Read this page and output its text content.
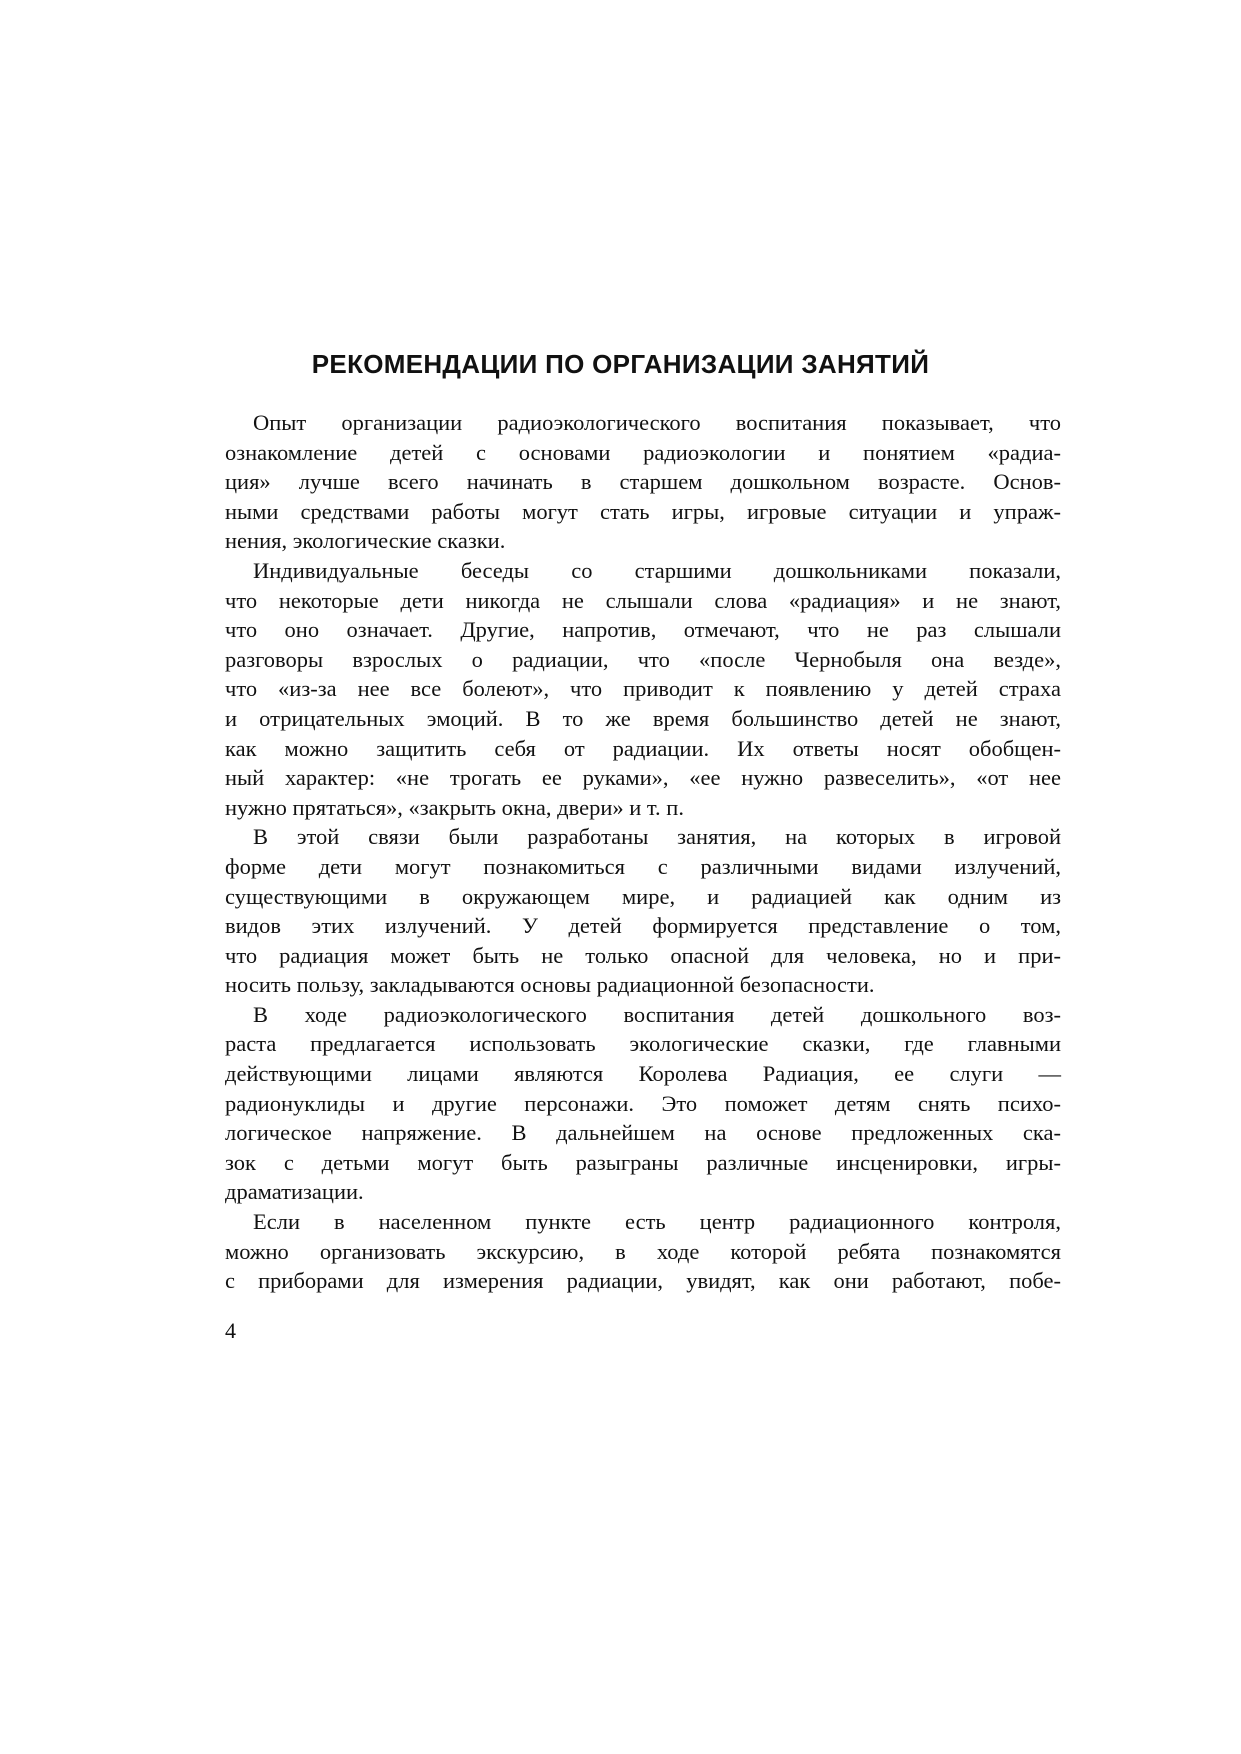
РЕКОМЕНДАЦИИ ПО ОРГАНИЗАЦИИ ЗАНЯТИЙ
Опыт организации радиоэкологического воспитания показывает, что
ознакомление детей с основами радиоэкологии и понятием «радиа-
ция» лучше всего начинать в старшем дошкольном возрасте. Основ-
ными средствами работы могут стать игры, игровые ситуации и упраж-
нения, экологические сказки.
Индивидуальные беседы со старшими дошкольниками показали,
что некоторые дети никогда не слышали слова «радиация» и не знают,
что оно означает. Другие, напротив, отмечают, что не раз слышали
разговоры взрослых о радиации, что «после Чернобыля она везде»,
что «из-за нее все болеют», что приводит к появлению у детей страха
и отрицательных эмоций. В то же время большинство детей не знают,
как можно защитить себя от радиации. Их ответы носят обобщен-
ный характер: «не трогать ее руками», «ее нужно развеселить», «от нее
нужно прятаться», «закрыть окна, двери» и т. п.
В этой связи были разработаны занятия, на которых в игровой
форме дети могут познакомиться с различными видами излучений,
существующими в окружающем мире, и радиацией как одним из
видов этих излучений. У детей формируется представление о том,
что радиация может быть не только опасной для человека, но и при-
носить пользу, закладываются основы радиационной безопасности.
В ходе радиоэкологического воспитания детей дошкольного воз-
раста предлагается использовать экологические сказки, где главными
действующими лицами являются Королева Радиация, ее слуги —
радионуклиды и другие персонажи. Это поможет детям снять психо-
логическое напряжение. В дальнейшем на основе предложенных ска-
зок с детьми могут быть разыграны различные инсценировки, игры-
драматизации.
Если в населенном пункте есть центр радиационного контроля,
можно организовать экскурсию, в ходе которой ребята познакомятся
с приборами для измерения радиации, увидят, как они работают, побе-
4
